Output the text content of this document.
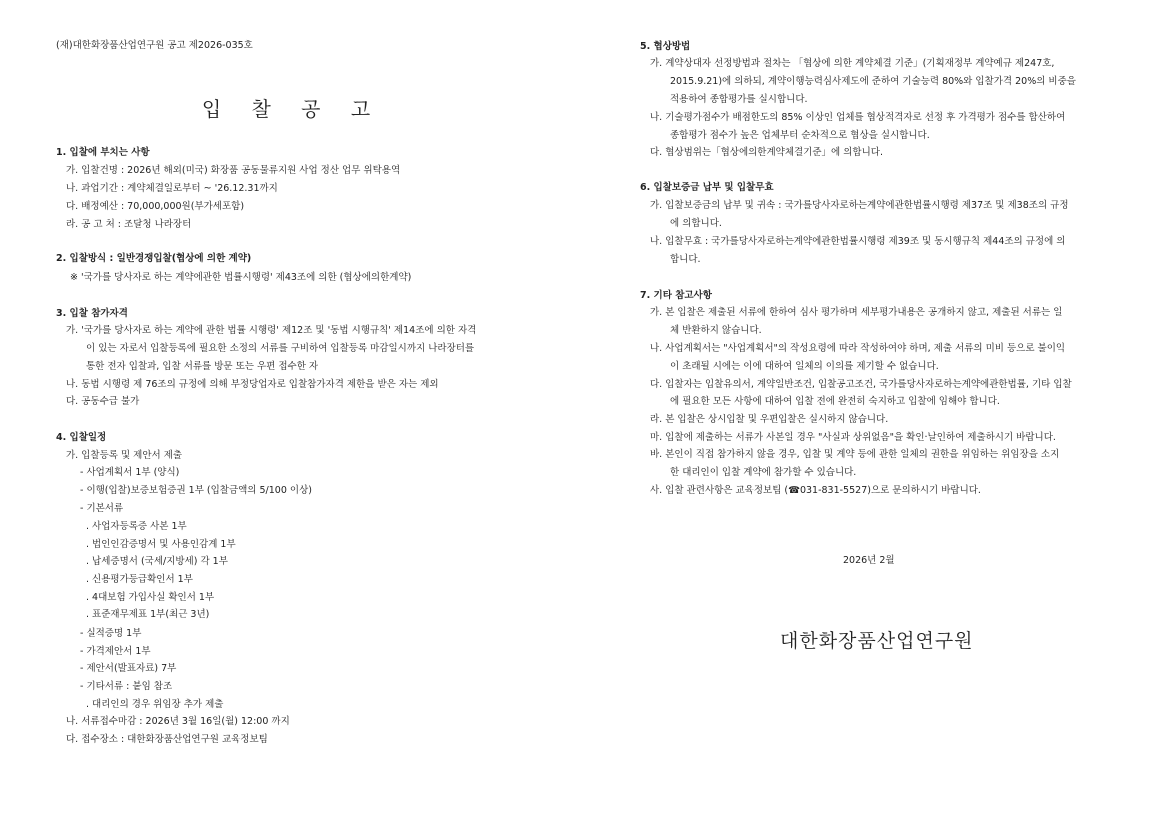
(재)대한화장품산업연구원 공고 제2026-035호
입 찰 공 고
1. 입찰에 부치는 사항
가. 입찰건명 : 2026년 해외(미국) 화장품 공동물류지원 사업 정산 업무 위탁용역
나. 과업기간 : 계약체결일로부터 ~ '26.12.31까지
다. 배정예산 : 70,000,000원(부가세포함)
라. 공 고 처 : 조달청 나라장터
2. 입찰방식 : 일반경쟁입찰(협상에 의한 계약)
※ '국가를 당사자로 하는 계약에관한 법률시행령' 제43조에 의한 (협상에의한계약)
3. 입찰 참가자격
가. '국가를 당사자로 하는 계약에 관한 법률 시행령' 제12조 및 '동법 시행규칙' 제14조에 의한 자격
이 있는 자로서 입찰등록에 필요한 소정의 서류를 구비하여 입찰등록 마감일시까지 나라장터를
통한 전자 입찰과, 입찰 서류를 방문 또는 우편 접수한 자
나. 동법 시행령 제 76조의 규정에 의해 부정당업자로 입찰참가자격 제한을 받은 자는 제외
다. 공동수급 불가
4. 입찰일정
가. 입찰등록 및 제안서 제출
- 사업계획서 1부 (양식)
- 이행(입찰)보증보험증권 1부 (입찰금액의 5/100 이상)
- 기본서류
. 사업자등록증 사본 1부
. 법인인감증명서 및 사용인감계 1부
. 납세증명서 (국세/지방세) 각 1부
. 신용평가등급확인서 1부
. 4대보험 가입사실 확인서 1부
. 표준재무제표 1부(최근 3년)
- 실적증명 1부
- 가격제안서 1부
- 제안서(발표자료) 7부
- 기타서류 : 붙임 참조
. 대리인의 경우 위임장 추가 제출
나. 서류접수마감 : 2026년 3월 16일(월) 12:00 까지
다. 접수장소 : 대한화장품산업연구원 교육정보팀
5. 협상방법
가. 계약상대자 선정방법과 절차는 「협상에 의한 계약체결 기준」(기획재정부 계약예규 제247호,
2015.9.21)에 의하되, 계약이행능력심사제도에 준하여 기술능력 80%와 입찰가격 20%의 비중을
적용하여 종합평가를 실시합니다.
나. 기술평가점수가 배점한도의 85% 이상인 업체를 협상적격자로 선정 후 가격평가 점수를 합산하여
종합평가 점수가 높은 업체부터 순차적으로 협상을 실시합니다.
다. 협상범위는「협상에의한계약체결기준」에 의합니다.
6. 입찰보증금 납부 및 입찰무효
가. 입찰보증금의 납부 및 귀속 : 국가를당사자로하는계약에관한법률시행령 제37조 및 제38조의 규정
에 의합니다.
나. 입찰무효 : 국가를당사자로하는계약에관한법률시행령 제39조 및 동시행규칙 제44조의 규정에 의
합니다.
7. 기타 참고사항
가. 본 입찰은 제출된 서류에 한하여 심사 평가하며 세부평가내용은 공개하지 않고, 제출된 서류는 일
체 반환하지 않습니다.
나. 사업계획서는 "사업계획서"의 작성요령에 따라 작성하여야 하며, 제출 서류의 미비 등으로 불이익
이 초래될 시에는 이에 대하여 일체의 이의를 제기할 수 없습니다.
다. 입찰자는 입찰유의서, 계약일반조건, 입찰공고조건, 국가를당사자로하는계약에관한법률, 기타 입찰
에 필요한 모든 사항에 대하여 입찰 전에 완전히 숙지하고 입찰에 임해야 합니다.
라. 본 입찰은 상시입찰 및 우편입찰은 실시하지 않습니다.
마. 입찰에 제출하는 서류가 사본일 경우 "사실과 상위없음"을 확인·날인하여 제출하시기 바랍니다.
바. 본인이 직접 참가하지 않을 경우, 입찰 및 계약 등에 관한 일체의 권한을 위임하는 위임장을 소지
한 대리인이 입찰 계약에 참가할 수 있습니다.
사. 입찰 관련사항은 교육정보팀 (☎031-831-5527)으로 문의하시기 바랍니다.
2026년 2월
대한화장품산업연구원
